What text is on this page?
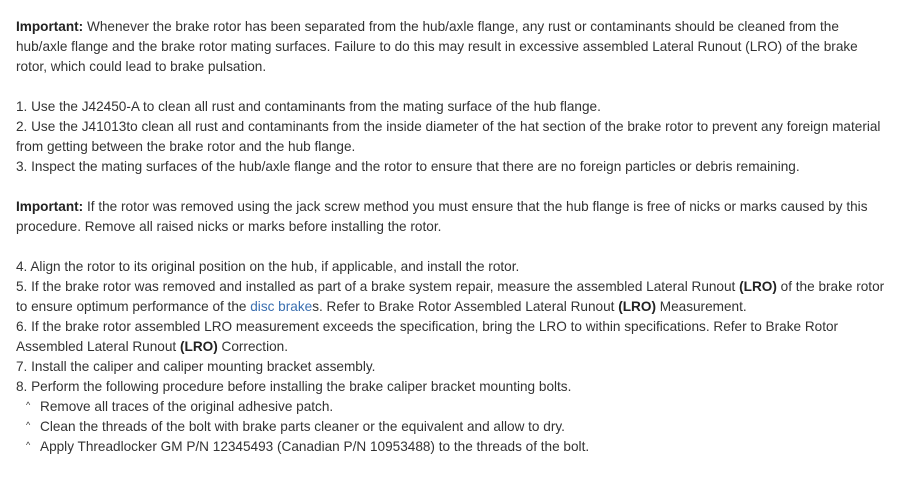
Important: Whenever the brake rotor has been separated from the hub/axle flange, any rust or contaminants should be cleaned from the hub/axle flange and the brake rotor mating surfaces. Failure to do this may result in excessive assembled Lateral Runout (LRO) of the brake rotor, which could lead to brake pulsation.

1. Use the J42450-A to clean all rust and contaminants from the mating surface of the hub flange.

2. Use the J41013to clean all rust and contaminants from the inside diameter of the hat section of the brake rotor to prevent any foreign material from getting between the brake rotor and the hub flange.

3. Inspect the mating surfaces of the hub/axle flange and the rotor to ensure that there are no foreign particles or debris remaining.

Important: If the rotor was removed using the jack screw method you must ensure that the hub flange is free of nicks or marks caused by this procedure. Remove all raised nicks or marks before installing the rotor.

4. Align the rotor to its original position on the hub, if applicable, and install the rotor.

5. If the brake rotor was removed and installed as part of a brake system repair, measure the assembled Lateral Runout (LRO) of the brake rotor to ensure optimum performance of the disc brakes. Refer to Brake Rotor Assembled Lateral Runout (LRO) Measurement.

6. If the brake rotor assembled LRO measurement exceeds the specification, bring the LRO to within specifications. Refer to Brake Rotor Assembled Lateral Runout (LRO) Correction.

7. Install the caliper and caliper mounting bracket assembly.

8. Perform the following procedure before installing the brake caliper bracket mounting bolts.

^ Remove all traces of the original adhesive patch.

^ Clean the threads of the bolt with brake parts cleaner or the equivalent and allow to dry.

^ Apply Threadlocker GM P/N 12345493 (Canadian P/N 10953488) to the threads of the bolt.
